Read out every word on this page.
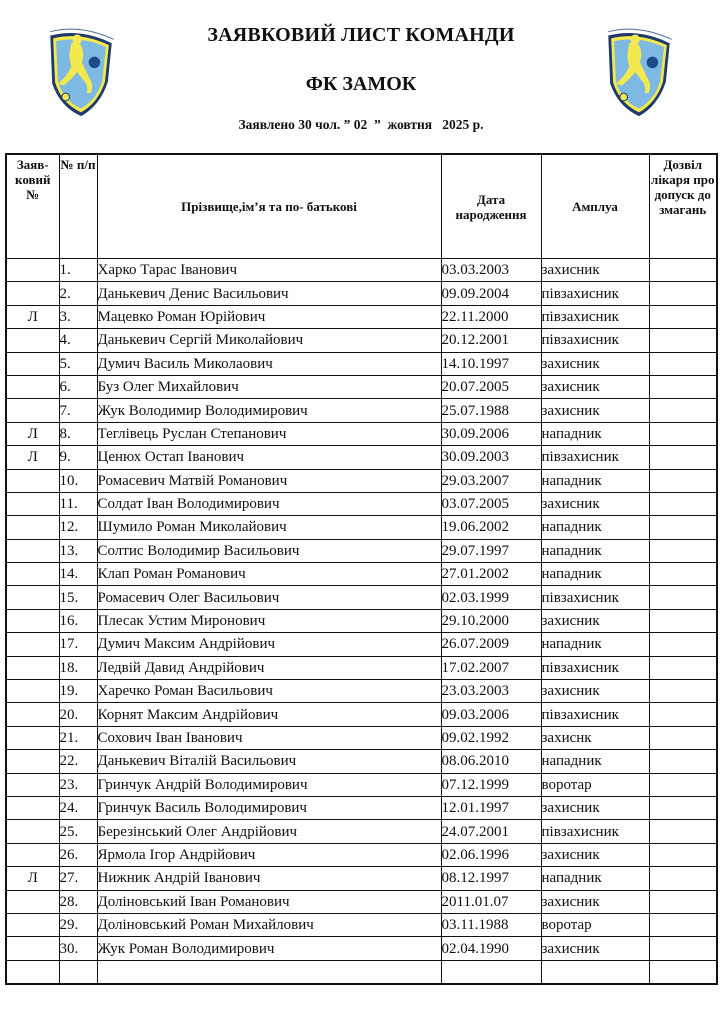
ЗАЯВКОВИЙ ЛИСТ КОМАНДИ
ФК ЗАМОК
Заявлено 30 чол. ” 02  ”  жовтня   2025 р.
Заяв-ковий №	№ п/п	Прізвище,ім’я та по- батькові	Дата народження	Амплуа	Дозвіл лікаря про допуск до змагань
	1.	Харко Тарас Іванович	03.03.2003	захисник	
	2.	Данькевич Денис Васильович	09.09.2004	півзахисник	
Л	3.	Мацевко Роман Юрійович	22.11.2000	півзахисник	
	4.	Данькевич Сергій Миколайович	20.12.2001	півзахисник	
	5.	Думич Василь Миколаович	14.10.1997	захисник	
	6.	Буз Олег Михайлович	20.07.2005	захисник	
	7.	Жук Володимир Володимирович	25.07.1988	захисник	
Л	8.	Теглівець Руслан Степанович	30.09.2006	нападник	
Л	9.	Ценюх Остап Іванович	30.09.2003	півзахисник	
	10.	Ромасевич Матвій Романович	29.03.2007	нападник	
	11.	Солдат Іван Володимирович	03.07.2005	захисник	
	12.	Шумило Роман Миколайович	19.06.2002	нападник	
	13.	Солтис Володимир Васильович	29.07.1997	нападник	
	14.	Клап Роман Романович	27.01.2002	нападник	
	15.	Ромасевич Олег Васильович	02.03.1999	півзахисник	
	16.	Плесак Устим Миронович	29.10.2000	захисник	
	17.	Думич Максим Андрійович	26.07.2009	нападник	
	18.	Ледвій Давид Андрійович	17.02.2007	півзахисник	
	19.	Харечко Роман Васильович	23.03.2003	захисник	
	20.	Корнят Максим Андрійович	09.03.2006	півзахисник	
	21.	Сохович Іван Іванович	09.02.1992	захиснк	
	22.	Данькевич Віталій Васильович	08.06.2010	нападник	
	23.	Гринчук Андрій Володимирович	07.12.1999	воротар	
	24.	Гринчук Василь Володимирович	12.01.1997	захисник	
	25.	Березінський Олег Андрійович	24.07.2001	півзахисник	
	26.	Ярмола Ігор Андрійович	02.06.1996	захисник	
Л	27.	Нижник Андрій Іванович	08.12.1997	нападник	
	28.	Доліновський Іван Романович	2011.01.07	захисник	
	29.	Доліновський Роман Михайлович	03.11.1988	воротар	
	30.	Жук Роман Володимирович	02.04.1990	захисник	
